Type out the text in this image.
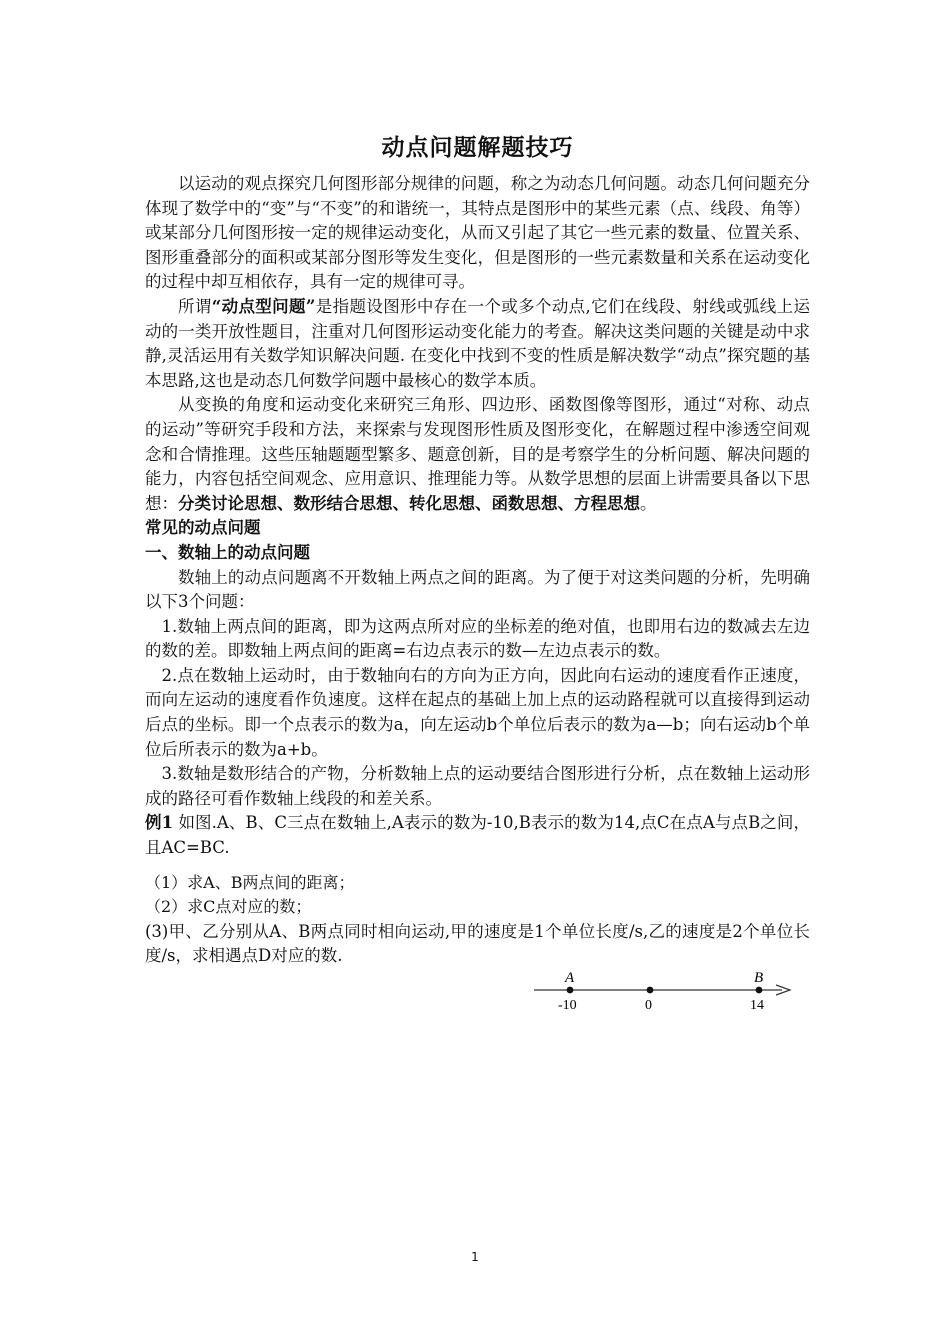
动点问题解题技巧

以运动的观点探究几何图形部分规律的问题，称之为动态几何问题。动态几何问题充分体现了数学中的“变”与“不变”的和谐统一，其特点是图形中的某些元素（点、线段、角等）或某部分几何图形按一定的规律运动变化，从而又引起了其它一些元素的数量、位置关系、图形重叠部分的面积或某部分图形等发生变化，但是图形的一些元素数量和关系在运动变化的过程中却互相依存，具有一定的规律可寻。

所谓“动点型问题”是指题设图形中存在一个或多个动点,它们在线段、射线或弧线上运动的一类开放性题目，注重对几何图形运动变化能力的考查。解决这类问题的关键是动中求静,灵活运用有关数学知识解决问题. 在变化中找到不变的性质是解决数学“动点”探究题的基本思路,这也是动态几何数学问题中最核心的数学本质。

从变换的角度和运动变化来研究三角形、四边形、函数图像等图形，通过“对称、动点的运动”等研究手段和方法，来探索与发现图形性质及图形变化，在解题过程中渗透空间观念和合情推理。这些压轴题题型繁多、题意创新，目的是考察学生的分析问题、解决问题的能力，内容包括空间观念、应用意识、推理能力等。从数学思想的层面上讲需要具备以下思想：分类讨论思想、数形结合思想、转化思想、函数思想、方程思想。

常见的动点问题
一、数轴上的动点问题

数轴上的动点问题离不开数轴上两点之间的距离。为了便于对这类问题的分析，先明确以下3个问题：

1.数轴上两点间的距离，即为这两点所对应的坐标差的绝对值，也即用右边的数减去左边的数的差。即数轴上两点间的距离=右边点表示的数—左边点表示的数。

2.点在数轴上运动时，由于数轴向右的方向为正方向，因此向右运动的速度看作正速度，而向左运动的速度看作负速度。这样在起点的基础上加上点的运动路程就可以直接得到运动后点的坐标。即一个点表示的数为a，向左运动b个单位后表示的数为a—b；向右运动b个单位后所表示的数为a+b。

3.数轴是数形结合的产物，分析数轴上点的运动要结合图形进行分析，点在数轴上运动形成的路径可看作数轴上线段的和差关系。

例1 如图.A、B、C三点在数轴上,A表示的数为-10,B表示的数为14,点C在点A与点B之间，且AC=BC.

（1）求A、B两点间的距离；

（2）求C点对应的数；

(3)甲、乙分别从A、B两点同时相向运动,甲的速度是1个单位长度/s,乙的速度是2个单位长度/s，求相遇点D对应的数.

A	B
-10	0	14
1
